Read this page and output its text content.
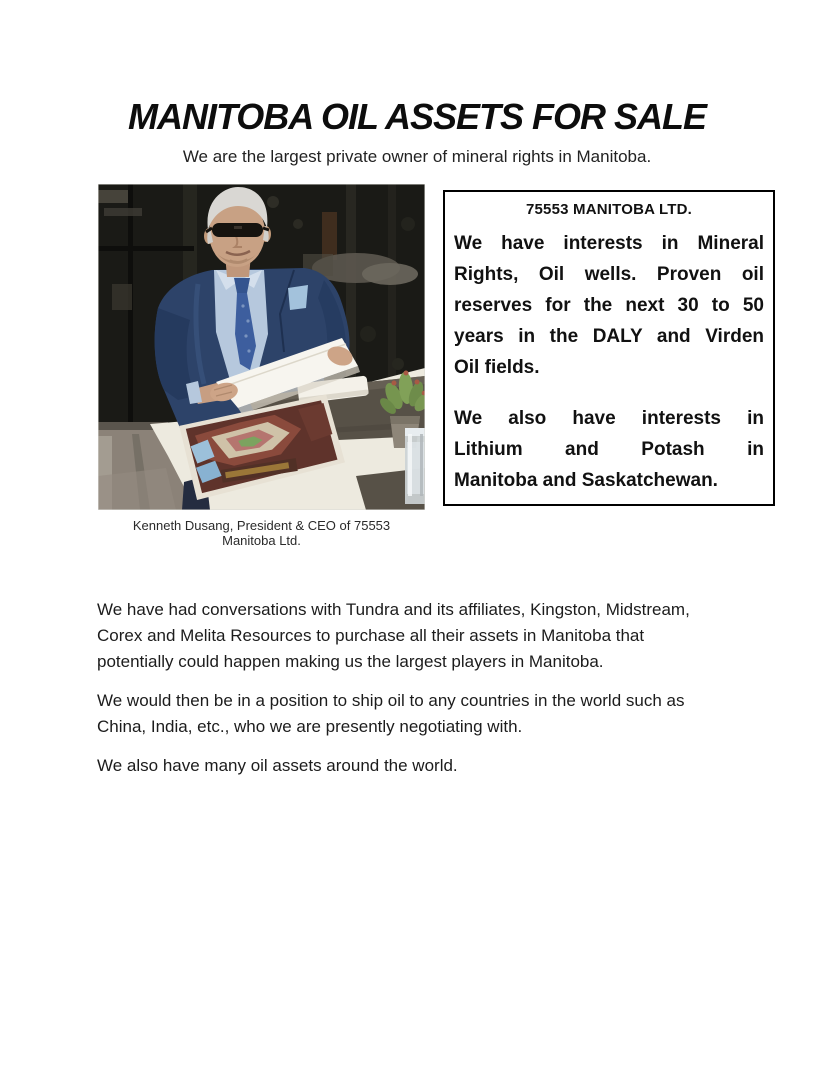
MANITOBA OIL ASSETS FOR SALE

We are the largest private owner of mineral rights in Manitoba.

Kenneth Dusang, President & CEO of 75553
Manitoba Ltd.
75553 MANITOBA LTD.
We have interests in Mineral
Rights, Oil wells. Proven oil
reserves for the next 30 to 50
years in the DALY and Virden
Oil fields.
We also have interests in
Lithium and Potash in
Manitoba and Saskatchewan.
We have had conversations with Tundra and its affiliates, Kingston, Midstream,
Corex and Melita Resources to purchase all their assets in Manitoba that
potentially could happen making us the largest players in Manitoba.
We would then be in a position to ship oil to any countries in the world such as
China, India, etc., who we are presently negotiating with.
We also have many oil assets around the world.
